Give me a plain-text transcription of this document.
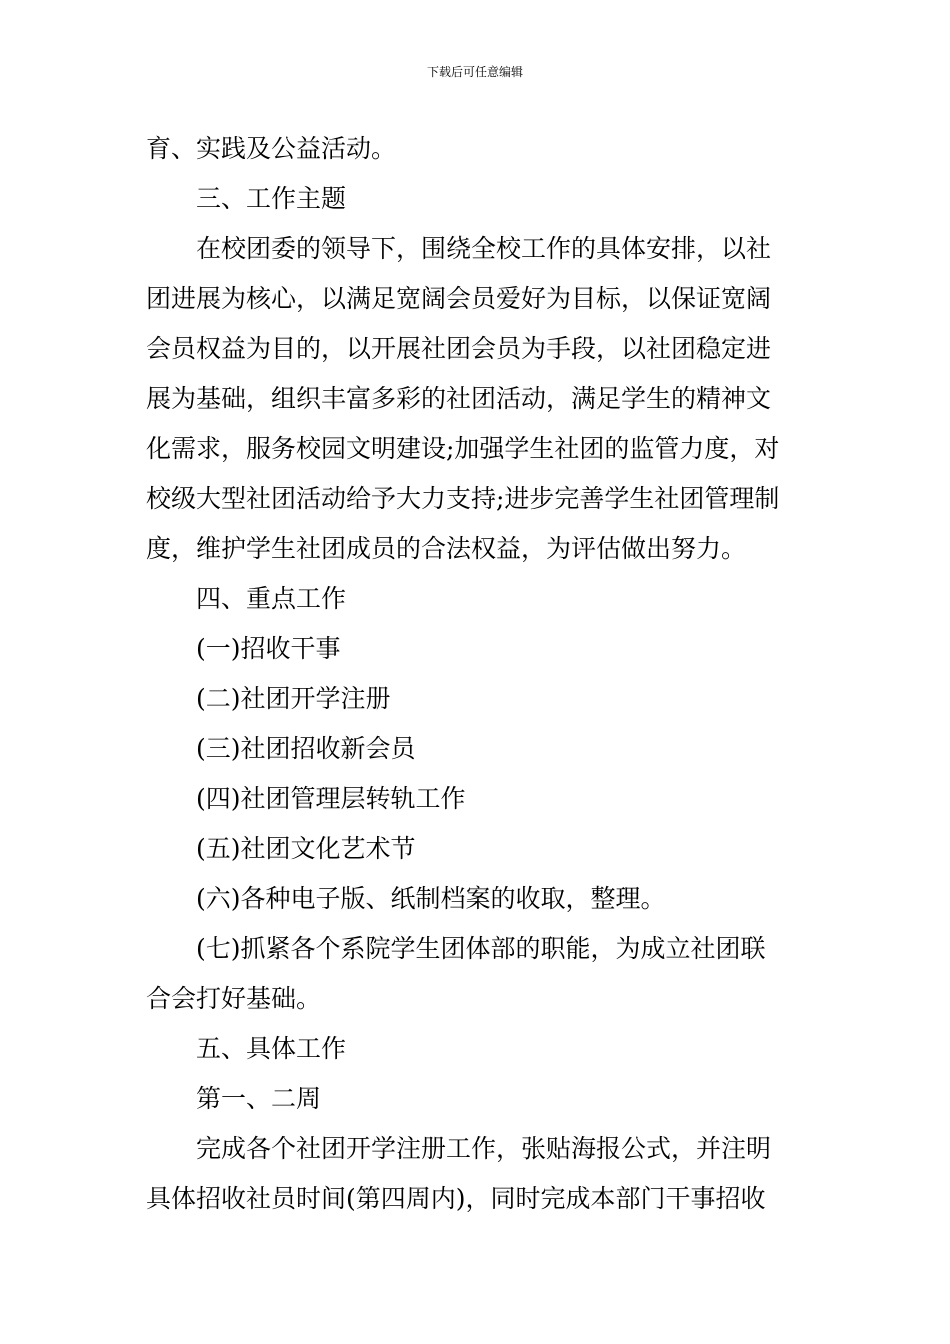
下载后可任意编辑

育、实践及公益活动。

三、工作主题

在校团委的领导下，围绕全校工作的具体安排，以社

团进展为核心，以满足宽阔会员爱好为目标，以保证宽阔

会员权益为目的，以开展社团会员为手段，以社团稳定进

展为基础，组织丰富多彩的社团活动，满足学生的精神文

化需求，服务校园文明建设;加强学生社团的监管力度，对

校级大型社团活动给予大力支持;进步完善学生社团管理制

度，维护学生社团成员的合法权益，为评估做出努力。

四、重点工作

(一)招收干事

(二)社团开学注册

(三)社团招收新会员

(四)社团管理层转轨工作

(五)社团文化艺术节

(六)各种电子版、纸制档案的收取，整理。

(七)抓紧各个系院学生团体部的职能，为成立社团联

合会打好基础。

五、具体工作

第一、二周

完成各个社团开学注册工作，张贴海报公式，并注明

具体招收社员时间(第四周内)，同时完成本部门干事招收
